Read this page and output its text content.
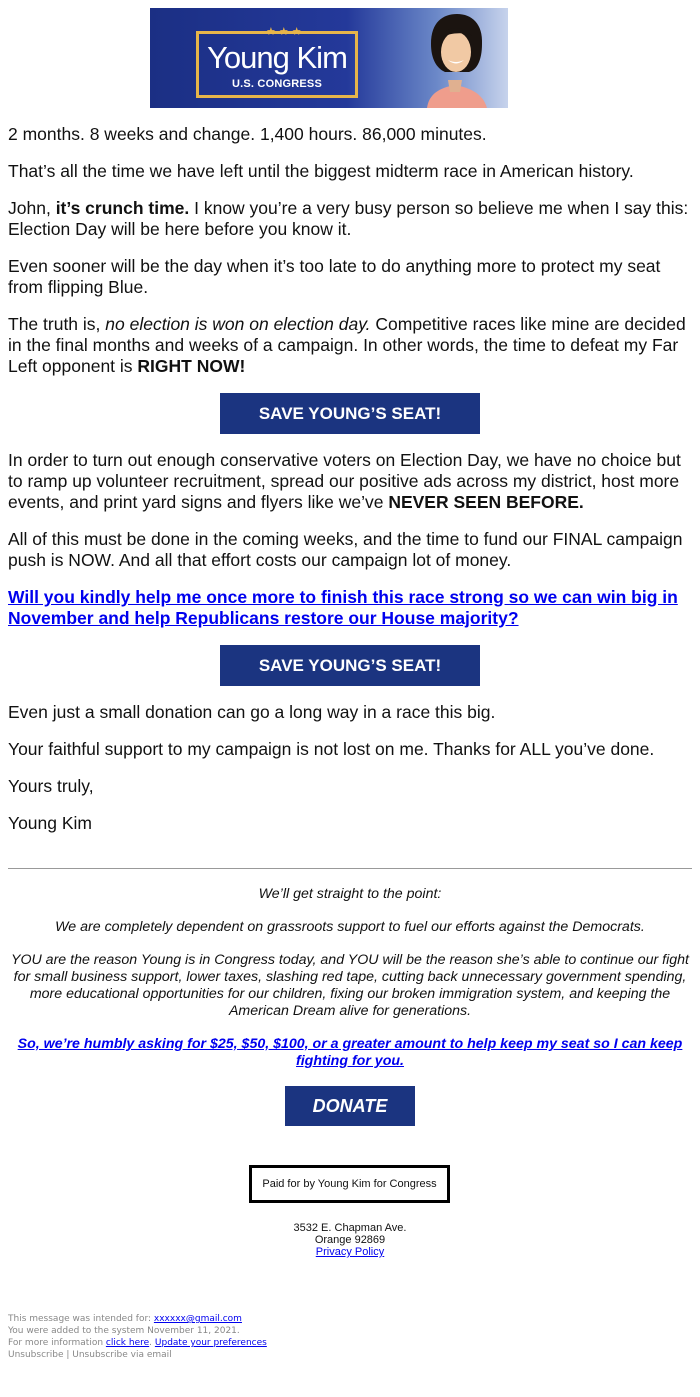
★★★
Young Kim
U.S. CONGRESS

2 months. 8 weeks and change. 1,400 hours. 86,000 minutes.

That’s all the time we have left until the biggest midterm race in American history.

John, it’s crunch time. I know you’re a very busy person so believe me when I say this: Election Day will be here before you know it.

Even sooner will be the day when it’s too late to do anything more to protect my seat from flipping Blue.

The truth is, no election is won on election day. Competitive races like mine are decided in the final months and weeks of a campaign. In other words, the time to defeat my Far Left opponent is RIGHT NOW!

SAVE YOUNG’S SEAT!

In order to turn out enough conservative voters on Election Day, we have no choice but to ramp up volunteer recruitment, spread our positive ads across my district, host more events, and print yard signs and flyers like we’ve NEVER SEEN BEFORE.

All of this must be done in the coming weeks, and the time to fund our FINAL campaign push is NOW. And all that effort costs our campaign lot of money.

Will you kindly help me once more to finish this race strong so we can win big in November and help Republicans restore our House majority?

SAVE YOUNG’S SEAT!

Even just a small donation can go a long way in a race this big.

Your faithful support to my campaign is not lost on me. Thanks for ALL you’ve done.

Yours truly,

Young Kim

We’ll get straight to the point:

We are completely dependent on grassroots support to fuel our efforts against the Democrats.

YOU are the reason Young is in Congress today, and YOU will be the reason she’s able to continue our fight for small business support, lower taxes, slashing red tape, cutting back unnecessary government spending, more educational opportunities for our children, fixing our broken immigration system, and keeping the American Dream alive for generations.

So, we’re humbly asking for $25, $50, $100, or a greater amount to help keep my seat so I can keep fighting for you.

DONATE
Paid for by Young Kim for Congress
3532 E. Chapman Ave.
Orange 92869
Privacy Policy
This message was intended for: xxxxxx@gmail.com
You were added to the system November 11, 2021.
For more information click here. Update your preferences
Unsubscribe | Unsubscribe via email
